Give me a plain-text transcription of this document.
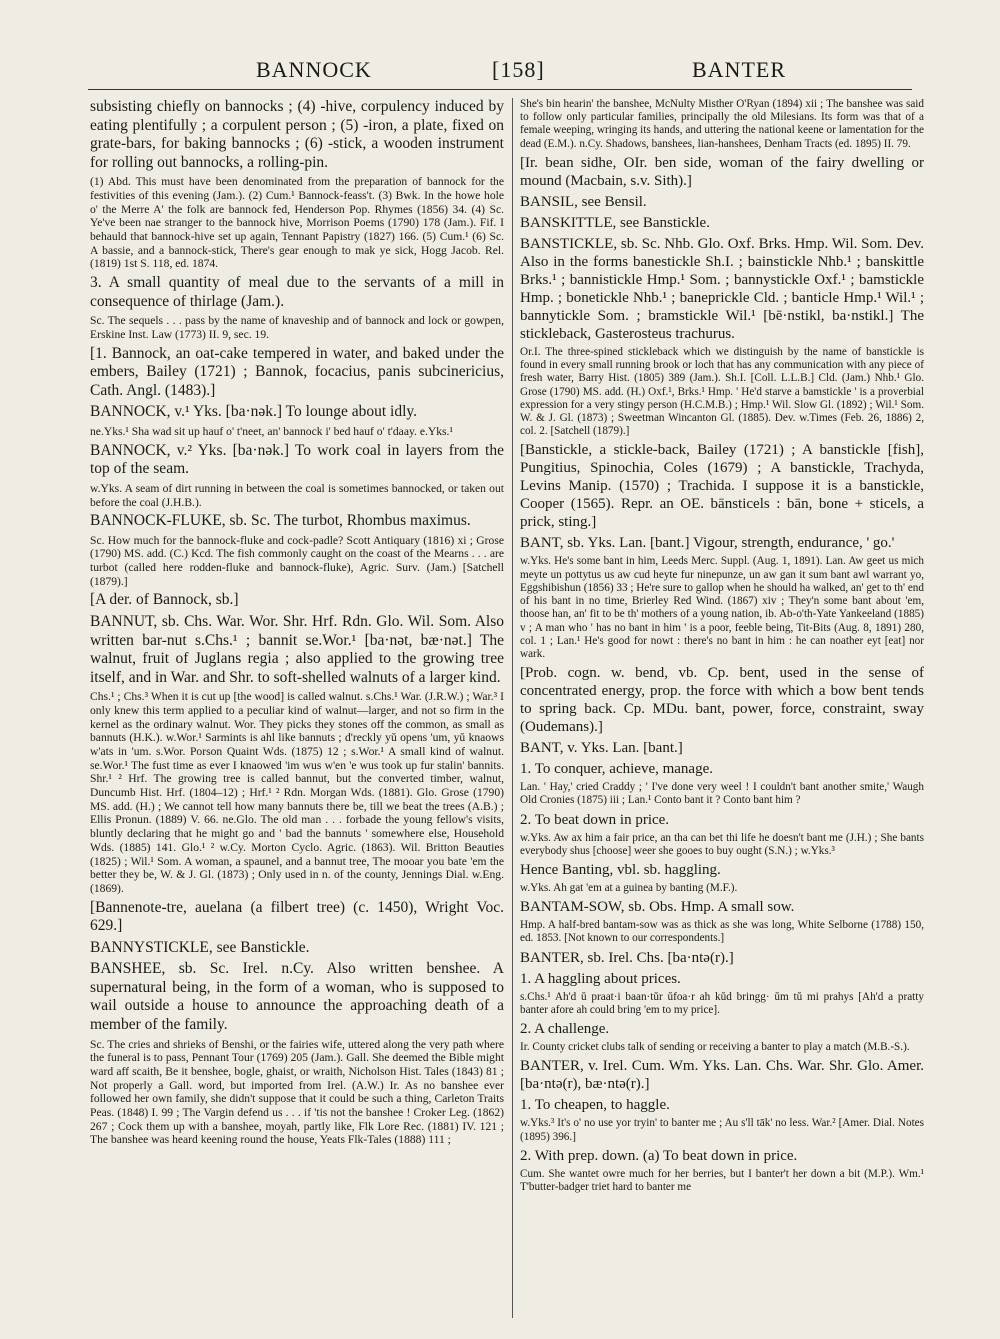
BANNOCK	[158]	BANTER

subsisting chiefly on bannocks ; (4) -hive, corpulency induced by eating plentifully ; a corpulent person ; (5) -iron, a plate, fixed on grate-bars, for baking bannocks ; (6) -stick, a wooden instrument for rolling out bannocks, a rolling-pin.

(1) Abd. This must have been denominated from the preparation of bannock for the festivities of this evening (Jam.). (2) Cum.¹ Bannock-feass't. (3) Bwk. In the howe hole o' the Merre A' the folk are bannock fed, Henderson Pop. Rhymes (1856) 34. (4) Sc. Ye've been nae stranger to the bannock hive, Morrison Poems (1790) 178 (Jam.). Fif. I behauld that bannock-hive set up again, Tennant Papistry (1827) 166. (5) Cum.¹ (6) Sc. A bassie, and a bannock-stick, There's gear enough to mak ye sick, Hogg Jacob. Rel. (1819) 1st S. 118, ed. 1874.

3. A small quantity of meal due to the servants of a mill in consequence of thirlage (Jam.).

Sc. The sequels . . . pass by the name of knaveship and of bannock and lock or gowpen, Erskine Inst. Law (1773) II. 9, sec. 19.

[1. Bannock, an oat-cake tempered in water, and baked under the embers, Bailey (1721) ; Bannok, focacius, panis subcinericius, Cath. Angl. (1483).]

BANNOCK, v.¹ Yks. [ba·nək.] To lounge about idly.

ne.Yks.¹ Sha wad sit up hauf o' t'neet, an' bannock i' bed hauf o' t'daay. e.Yks.¹

BANNOCK, v.² Yks. [ba·nək.] To work coal in layers from the top of the seam.

w.Yks. A seam of dirt running in between the coal is sometimes bannocked, or taken out before the coal (J.H.B.).

BANNOCK-FLUKE, sb. Sc. The turbot, Rhombus maximus.

Sc. How much for the bannock-fluke and cock-padle? Scott Antiquary (1816) xi ; Grose (1790) MS. add. (C.) Kcd. The fish commonly caught on the coast of the Mearns . . . are turbot (called here rodden-fluke and bannock-fluke), Agric. Surv. (Jam.) [Satchell (1879).]

[A der. of Bannock, sb.]

BANNUT, sb. Chs. War. Wor. Shr. Hrf. Rdn. Glo. Wil. Som. Also written bar-nut s.Chs.¹ ; bannit se.Wor.¹ [ba·nət, bæ·nət.] The walnut, fruit of Juglans regia ; also applied to the growing tree itself, and in War. and Shr. to soft-shelled walnuts of a larger kind.

Chs.¹ ; Chs.³ When it is cut up [the wood] is called walnut. s.Chs.¹ War. (J.R.W.) ; War.³ I only knew this term applied to a peculiar kind of walnut—larger, and not so firm in the kernel as the ordinary walnut. Wor. They picks they stones off the common, as small as bannuts (H.K.). w.Wor.¹ Sarmints is ahl like bannuts ; d'reckly yŭ opens 'um, yŭ knaows w'ats in 'um. s.Wor. Porson Quaint Wds. (1875) 12 ; s.Wor.¹ A small kind of walnut. se.Wor.¹ The fust time as ever I knaowed 'im wus w'en 'e wus took up fur stalin' bannits. Shr.¹ ² Hrf. The growing tree is called bannut, but the converted timber, walnut, Duncumb Hist. Hrf. (1804–12) ; Hrf.¹ ² Rdn. Morgan Wds. (1881). Glo. Grose (1790) MS. add. (H.) ; We cannot tell how many bannuts there be, till we beat the trees (A.B.) ; Ellis Pronun. (1889) V. 66. ne.Glo. The old man . . . forbade the young fellow's visits, bluntly declaring that he might go and ' bad the bannuts ' somewhere else, Household Wds. (1885) 141. Glo.¹ ² w.Cy. Morton Cyclo. Agric. (1863). Wil. Britton Beauties (1825) ; Wil.¹ Som. A woman, a spaunel, and a bannut tree, The mooar you bate 'em the better they be, W. & J. Gl. (1873) ; Only used in n. of the county, Jennings Dial. w.Eng. (1869).

[Bannenote-tre, auelana (a filbert tree) (c. 1450), Wright Voc. 629.]

BANNYSTICKLE, see Banstickle.

BANSHEE, sb. Sc. Irel. n.Cy. Also written benshee. A supernatural being, in the form of a woman, who is supposed to wail outside a house to announce the approaching death of a member of the family.

Sc. The cries and shrieks of Benshi, or the fairies wife, uttered along the very path where the funeral is to pass, Pennant Tour (1769) 205 (Jam.). Gall. She deemed the Bible might ward aff scaith, Be it benshee, bogle, ghaist, or wraith, Nicholson Hist. Tales (1843) 81 ; Not properly a Gall. word, but imported from Irel. (A.W.) Ir. As no banshee ever followed her own family, she didn't suppose that it could be such a thing, Carleton Traits Peas. (1848) I. 99 ; The Vargin defend us . . . if 'tis not the banshee ! Croker Leg. (1862) 267 ; Cock them up with a banshee, moyah, partly like, Flk Lore Rec. (1881) IV. 121 ; The banshee was heard keening round the house, Yeats Flk-Tales (1888) 111 ;

She's bin hearin' the banshee, McNulty Misther O'Ryan (1894) xii ; The banshee was said to follow only particular families, principally the old Milesians. Its form was that of a female weeping, wringing its hands, and uttering the national keene or lamentation for the dead (E.M.). n.Cy. Shadows, banshees, lian-hanshees, Denham Tracts (ed. 1895) II. 79.

[Ir. bean sidhe, OIr. ben side, woman of the fairy dwelling or mound (Macbain, s.v. Sith).]

BANSIL, see Bensil.

BANSKITTLE, see Banstickle.

BANSTICKLE, sb. Sc. Nhb. Glo. Oxf. Brks. Hmp. Wil. Som. Dev. Also in the forms banestickle Sh.I. ; bainstickle Nhb.¹ ; banskittle Brks.¹ ; bannistickle Hmp.¹ Som. ; bannystickle Oxf.¹ ; bamstickle Hmp. ; bonetickle Nhb.¹ ; baneprickle Cld. ; banticle Hmp.¹ Wil.¹ ; bannytickle Som. ; bramstickle Wil.¹ [bē·nstikl, ba·nstikl.] The stickleback, Gasterosteus trachurus.

Or.I. The three-spined stickleback which we distinguish by the name of banstickle is found in every small running brook or loch that has any communication with any piece of fresh water, Barry Hist. (1805) 389 (Jam.). Sh.I. [Coll. L.L.B.] Cld. (Jam.) Nhb.¹ Glo. Grose (1790) MS. add. (H.) Oxf.¹, Brks.¹ Hmp. ' He'd starve a bamstickle ' is a proverbial expression for a very stingy person (H.C.M.B.) ; Hmp.¹ Wil. Slow Gl. (1892) ; Wil.¹ Som. W. & J. Gl. (1873) ; Sweetman Wincanton Gl. (1885). Dev. w.Times (Feb. 26, 1886) 2, col. 2. [Satchell (1879).]

[Banstickle, a stickle-back, Bailey (1721) ; A banstickle [fish], Pungitius, Spinochia, Coles (1679) ; A banstickle, Trachyda, Levins Manip. (1570) ; Trachida. I suppose it is a banstickle, Cooper (1565). Repr. an OE. bānsticels : bān, bone + sticels, a prick, sting.]

BANT, sb. Yks. Lan. [bant.] Vigour, strength, endurance, ' go.'

w.Yks. He's some bant in him, Leeds Merc. Suppl. (Aug. 1, 1891). Lan. Aw geet us mich meyte un pottytus us aw cud heyte fur ninepunze, un aw gan it sum bant awl warrant yo, Eggshibishun (1856) 33 ; He're sure to gallop when he should ha walked, an' get to th' end of his bant in no time, Brierley Red Wind. (1867) xiv ; They'n some bant about 'em, thoose han, an' fit to be th' mothers of a young nation, ib. Ab-o'th-Yate Yankeeland (1885) v ; A man who ' has no bant in him ' is a poor, feeble being, Tit-Bits (Aug. 8, 1891) 280, col. 1 ; Lan.¹ He's good for nowt : there's no bant in him : he can noather eyt [eat] nor wark.

[Prob. cogn. w. bend, vb. Cp. bent, used in the sense of concentrated energy, prop. the force with which a bow bent tends to spring back. Cp. MDu. bant, power, force, constraint, sway (Oudemans).]

BANT, v. Yks. Lan. [bant.]

1. To conquer, achieve, manage.

Lan. ' Hay,' cried Craddy ; ' I've done very weel ! I couldn't bant another smite,' Waugh Old Cronies (1875) iii ; Lan.¹ Conto bant it ? Conto bant him ?

2. To beat down in price.

w.Yks. Aw ax him a fair price, an tha can bet thi life he doesn't bant me (J.H.) ; She bants everybody shus [choose] weer she gooes to buy ought (S.N.) ; w.Yks.³

Hence Banting, vbl. sb. haggling.

w.Yks. Ah gat 'em at a guinea by banting (M.F.).

BANTAM-SOW, sb. Obs. Hmp. A small sow.

Hmp. A half-bred bantam-sow was as thick as she was long, White Selborne (1788) 150, ed. 1853. [Not known to our correspondents.]

BANTER, sb. Irel. Chs. [ba·ntə(r).]

1. A haggling about prices.

s.Chs.¹ Ah'd ŭ praat·i baan·tŭr ŭfoa·r ah kŭd bringg· ŭm tŭ mi prahys [Ah'd a pratty banter afore ah could bring 'em to my price].

2. A challenge.

Ir. County cricket clubs talk of sending or receiving a banter to play a match (M.B.-S.).

BANTER, v. Irel. Cum. Wm. Yks. Lan. Chs. War. Shr. Glo. Amer. [ba·ntə(r), bæ·ntə(r).]

1. To cheapen, to haggle.

w.Yks.³ It's o' no use yor tryin' to banter me ; Au s'll tāk' no less. War.² [Amer. Dial. Notes (1895) 396.]

2. With prep. down. (a) To beat down in price.

Cum. She wantet owre much for her berries, but I banter't her down a bit (M.P.). Wm.¹ T'butter-badger triet hard to banter me
